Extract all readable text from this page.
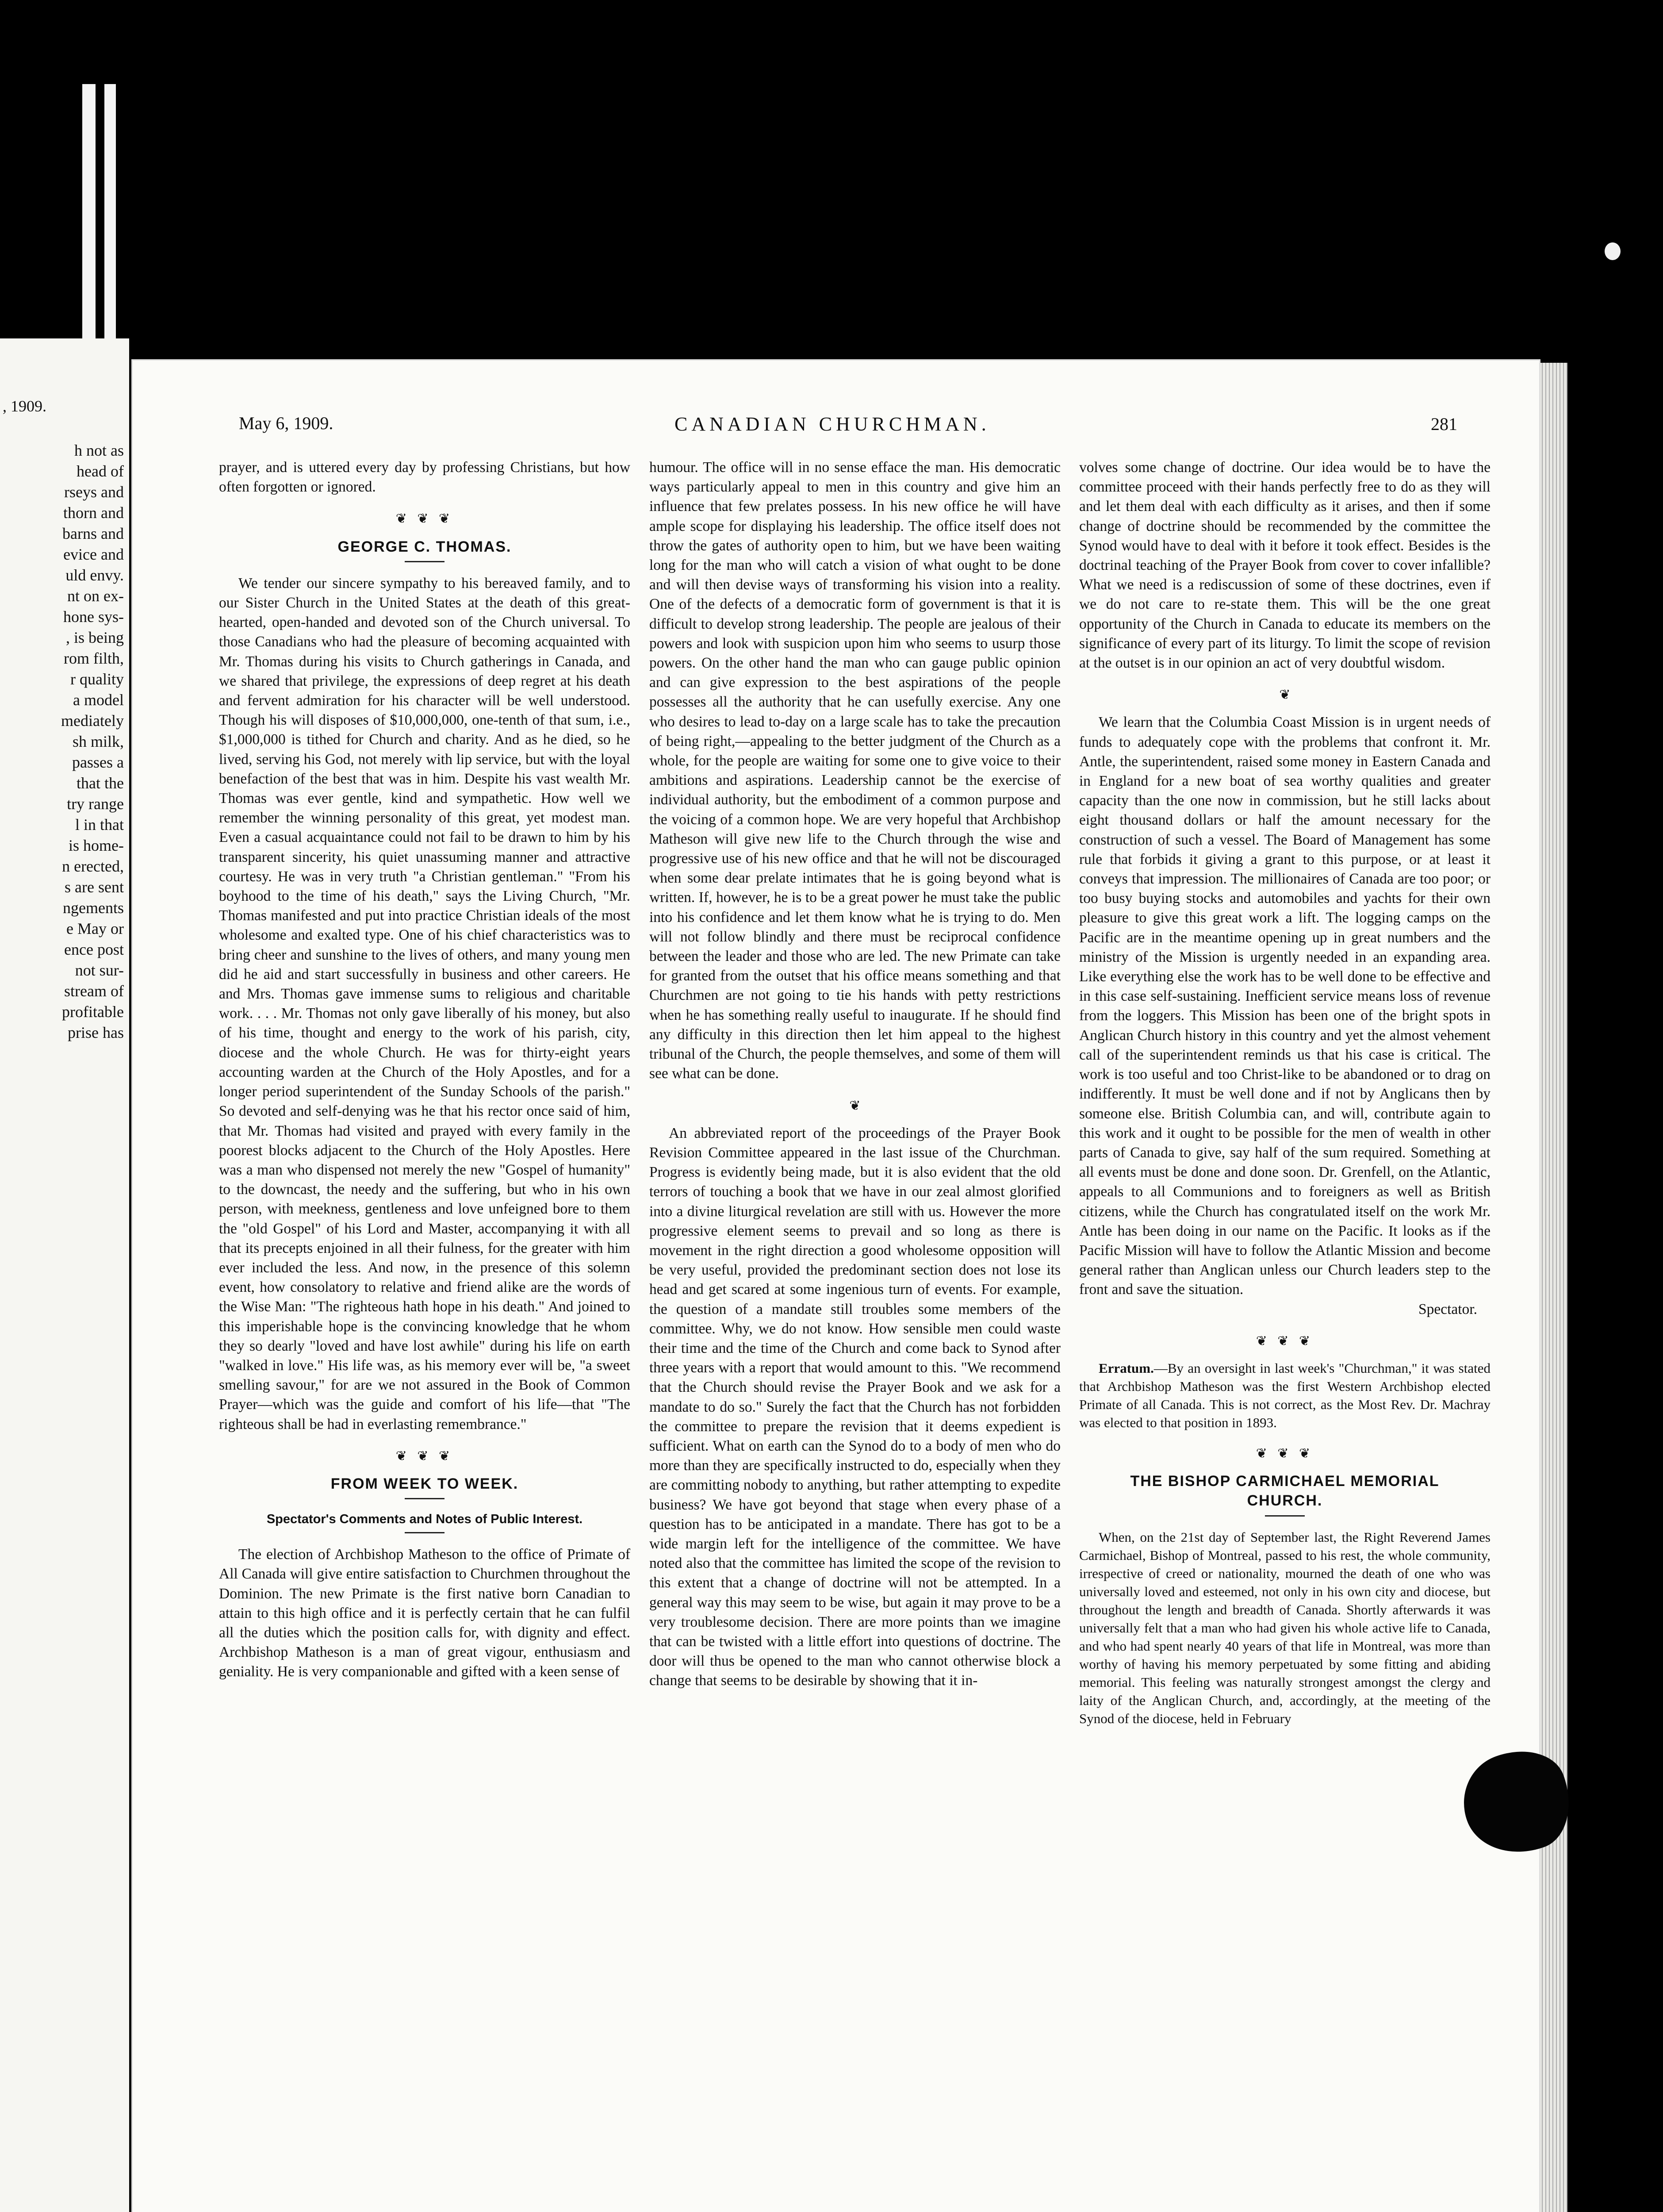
, 1909.
h not as
head of
rseys and
thorn and
barns and
evice and
uld envy.
nt on ex-
hone sys-
, is being
rom filth,
r quality
a model
mediately
sh milk,
passes a
that the
try range
l in that
is home-
n erected,
s are sent
ngements
e May or
ence post
not sur-
stream of
profitable
prise has
May 6, 1909.	CANADIAN CHURCHMAN.	281

prayer, and is uttered every day by professing Christians, but how often forgotten or ignored.

❦ ❦ ❦
GEORGE C. THOMAS.

We tender our sincere sympathy to his bereaved family, and to our Sister Church in the United States at the death of this great-hearted, open-handed and devoted son of the Church universal. To those Canadians who had the pleasure of becoming acquainted with Mr. Thomas during his visits to Church gatherings in Canada, and we shared that privilege, the expressions of deep regret at his death and fervent admiration for his character will be well understood. Though his will disposes of $10,000,000, one-tenth of that sum, i.e., $1,000,000 is tithed for Church and charity. And as he died, so he lived, serving his God, not merely with lip service, but with the loyal benefaction of the best that was in him. Despite his vast wealth Mr. Thomas was ever gentle, kind and sympathetic. How well we remember the winning personality of this great, yet modest man. Even a casual acquaintance could not fail to be drawn to him by his transparent sincerity, his quiet unassuming manner and attractive courtesy. He was in very truth "a Christian gentleman." "From his boyhood to the time of his death," says the Living Church, "Mr. Thomas manifested and put into practice Christian ideals of the most wholesome and exalted type. One of his chief characteristics was to bring cheer and sunshine to the lives of others, and many young men did he aid and start successfully in business and other careers. He and Mrs. Thomas gave immense sums to religious and charitable work. . . . Mr. Thomas not only gave liberally of his money, but also of his time, thought and energy to the work of his parish, city, diocese and the whole Church. He was for thirty-eight years accounting warden at the Church of the Holy Apostles, and for a longer period superintendent of the Sunday Schools of the parish." So devoted and self-denying was he that his rector once said of him, that Mr. Thomas had visited and prayed with every family in the poorest blocks adjacent to the Church of the Holy Apostles. Here was a man who dispensed not merely the new "Gospel of humanity" to the downcast, the needy and the suffering, but who in his own person, with meekness, gentleness and love unfeigned bore to them the "old Gospel" of his Lord and Master, accompanying it with all that its precepts enjoined in all their fulness, for the greater with him ever included the less. And now, in the presence of this solemn event, how consolatory to relative and friend alike are the words of the Wise Man: "The righteous hath hope in his death." And joined to this imperishable hope is the convincing knowledge that he whom they so dearly "loved and have lost awhile" during his life on earth "walked in love." His life was, as his memory ever will be, "a sweet smelling savour," for are we not assured in the Book of Common Prayer—which was the guide and comfort of his life—that "The righteous shall be had in everlasting remembrance."

❦ ❦ ❦
FROM WEEK TO WEEK.
Spectator's Comments and Notes of Public Interest.

The election of Archbishop Matheson to the office of Primate of All Canada will give entire satisfaction to Churchmen throughout the Dominion. The new Primate is the first native born Canadian to attain to this high office and it is perfectly certain that he can fulfil all the duties which the position calls for, with dignity and effect. Archbishop Matheson is a man of great vigour, enthusiasm and geniality. He is very companionable and gifted with a keen sense of

humour. The office will in no sense efface the man. His democratic ways particularly appeal to men in this country and give him an influence that few prelates possess. In his new office he will have ample scope for displaying his leadership. The office itself does not throw the gates of authority open to him, but we have been waiting long for the man who will catch a vision of what ought to be done and will then devise ways of transforming his vision into a reality. One of the defects of a democratic form of government is that it is difficult to develop strong leadership. The people are jealous of their powers and look with suspicion upon him who seems to usurp those powers. On the other hand the man who can gauge public opinion and can give expression to the best aspirations of the people possesses all the authority that he can usefully exercise. Any one who desires to lead to-day on a large scale has to take the precaution of being right,—appealing to the better judgment of the Church as a whole, for the people are waiting for some one to give voice to their ambitions and aspirations. Leadership cannot be the exercise of individual authority, but the embodiment of a common purpose and the voicing of a common hope. We are very hopeful that Archbishop Matheson will give new life to the Church through the wise and progressive use of his new office and that he will not be discouraged when some dear prelate intimates that he is going beyond what is written. If, however, he is to be a great power he must take the public into his confidence and let them know what he is trying to do. Men will not follow blindly and there must be reciprocal confidence between the leader and those who are led. The new Primate can take for granted from the outset that his office means something and that Churchmen are not going to tie his hands with petty restrictions when he has something really useful to inaugurate. If he should find any difficulty in this direction then let him appeal to the highest tribunal of the Church, the people themselves, and some of them will see what can be done.

❦

An abbreviated report of the proceedings of the Prayer Book Revision Committee appeared in the last issue of the Churchman. Progress is evidently being made, but it is also evident that the old terrors of touching a book that we have in our zeal almost glorified into a divine liturgical revelation are still with us. However the more progressive element seems to prevail and so long as there is movement in the right direction a good wholesome opposition will be very useful, provided the predominant section does not lose its head and get scared at some ingenious turn of events. For example, the question of a mandate still troubles some members of the committee. Why, we do not know. How sensible men could waste their time and the time of the Church and come back to Synod after three years with a report that would amount to this. "We recommend that the Church should revise the Prayer Book and we ask for a mandate to do so." Surely the fact that the Church has not forbidden the committee to prepare the revision that it deems expedient is sufficient. What on earth can the Synod do to a body of men who do more than they are specifically instructed to do, especially when they are committing nobody to anything, but rather attempting to expedite business? We have got beyond that stage when every phase of a question has to be anticipated in a mandate. There has got to be a wide margin left for the intelligence of the committee. We have noted also that the committee has limited the scope of the revision to this extent that a change of doctrine will not be attempted. In a general way this may seem to be wise, but again it may prove to be a very troublesome decision. There are more points than we imagine that can be twisted with a little effort into questions of doctrine. The door will thus be opened to the man who cannot otherwise block a change that seems to be desirable by showing that it in-

volves some change of doctrine. Our idea would be to have the committee proceed with their hands perfectly free to do as they will and let them deal with each difficulty as it arises, and then if some change of doctrine should be recommended by the committee the Synod would have to deal with it before it took effect. Besides is the doctrinal teaching of the Prayer Book from cover to cover infallible? What we need is a rediscussion of some of these doctrines, even if we do not care to re-state them. This will be the one great opportunity of the Church in Canada to educate its members on the significance of every part of its liturgy. To limit the scope of revision at the outset is in our opinion an act of very doubtful wisdom.

❦

We learn that the Columbia Coast Mission is in urgent needs of funds to adequately cope with the problems that confront it. Mr. Antle, the superintendent, raised some money in Eastern Canada and in England for a new boat of sea worthy qualities and greater capacity than the one now in commission, but he still lacks about eight thousand dollars or half the amount necessary for the construction of such a vessel. The Board of Management has some rule that forbids it giving a grant to this purpose, or at least it conveys that impression. The millionaires of Canada are too poor; or too busy buying stocks and automobiles and yachts for their own pleasure to give this great work a lift. The logging camps on the Pacific are in the meantime opening up in great numbers and the ministry of the Mission is urgently needed in an expanding area. Like everything else the work has to be well done to be effective and in this case self-sustaining. Inefficient service means loss of revenue from the loggers. This Mission has been one of the bright spots in Anglican Church history in this country and yet the almost vehement call of the superintendent reminds us that his case is critical. The work is too useful and too Christ-like to be abandoned or to drag on indifferently. It must be well done and if not by Anglicans then by someone else. British Columbia can, and will, contribute again to this work and it ought to be possible for the men of wealth in other parts of Canada to give, say half of the sum required. Something at all events must be done and done soon. Dr. Grenfell, on the Atlantic, appeals to all Communions and to foreigners as well as British citizens, while the Church has congratulated itself on the work Mr. Antle has been doing in our name on the Pacific. It looks as if the Pacific Mission will have to follow the Atlantic Mission and become general rather than Anglican unless our Church leaders step to the front and save the situation.

Spectator.

❦ ❦ ❦

Erratum.—By an oversight in last week's "Churchman," it was stated that Archbishop Matheson was the first Western Archbishop elected Primate of all Canada. This is not correct, as the Most Rev. Dr. Machray was elected to that position in 1893.

❦ ❦ ❦
THE BISHOP CARMICHAEL MEMORIAL CHURCH.

When, on the 21st day of September last, the Right Reverend James Carmichael, Bishop of Montreal, passed to his rest, the whole community, irrespective of creed or nationality, mourned the death of one who was universally loved and esteemed, not only in his own city and diocese, but throughout the length and breadth of Canada. Shortly afterwards it was universally felt that a man who had given his whole active life to Canada, and who had spent nearly 40 years of that life in Montreal, was more than worthy of having his memory perpetuated by some fitting and abiding memorial. This feeling was naturally strongest amongst the clergy and laity of the Anglican Church, and, accordingly, at the meeting of the Synod of the diocese, held in February
